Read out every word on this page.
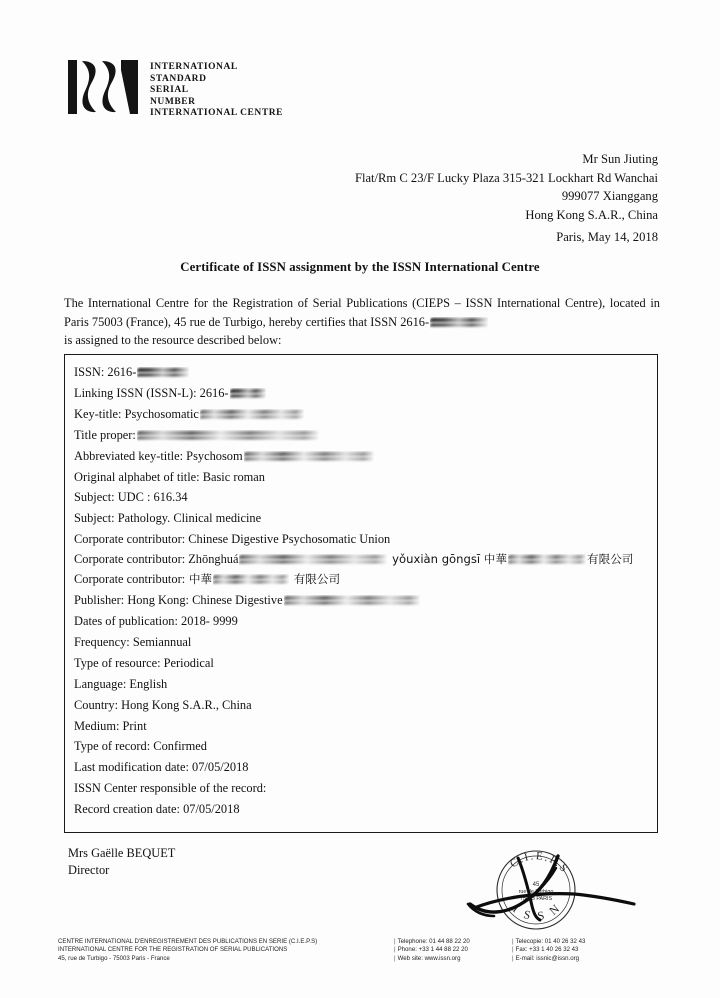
INTERNATIONAL
STANDARD
SERIAL
NUMBER
INTERNATIONAL CENTRE
Mr Sun Jiuting
Flat/Rm C 23/F Lucky Plaza 315-321 Lockhart Rd Wanchai
999077 Xianggang
Hong Kong S.A.R., China
Paris, May 14, 2018
Certificate of ISSN assignment by the ISSN International Centre
The International Centre for the Registration of Serial Publications (CIEPS – ISSN International Centre), located in Paris 75003 (France), 45 rue de Turbigo, hereby certifies that ISSN 2616-
is assigned to the resource described below:
ISSN: 2616-
Linking ISSN (ISSN-L): 2616-
Key-title: Psychosomatic
Title proper:
Abbreviated key-title: Psychosom
Original alphabet of title: Basic roman
Subject: UDC : 616.34
Subject: Pathology. Clinical medicine
Corporate contributor: Chinese Digestive Psychosomatic Union
Corporate contributor: Zhōnghuá	yǒuxiàn gōngsī 中華	有限公司
Corporate contributor: 中華	有限公司
Publisher: Hong Kong: Chinese Digestive
Dates of publication: 2018- 9999
Frequency: Semiannual
Type of resource: Periodical
Language: English
Country: Hong Kong S.A.R., China
Medium: Print
Type of record: Confirmed
Last modification date: 07/05/2018
ISSN Center responsible of the record:
Record creation date: 07/05/2018
Mrs Gaëlle BEQUET
Director	C.I.E.P.S
I S S N
45
rue de Turbigo
75003 PARIS
CENTRE INTERNATIONAL D'ENREGISTREMENT DES PUBLICATIONS EN SERIE (C.I.E.P.S)
INTERNATIONAL CENTRE FOR THE REGISTRATION OF SERIAL PUBLICATIONS
45, rue de Turbigo - 75003 Paris - France
| Telephone: 01 44 88 22 20
| Phone: +33 1 44 88 22 20
| Web site: www.issn.org
| Telecopie: 01 40 26 32 43
| Fax: +33 1 40 26 32 43
| E-mail: issnic@issn.org
